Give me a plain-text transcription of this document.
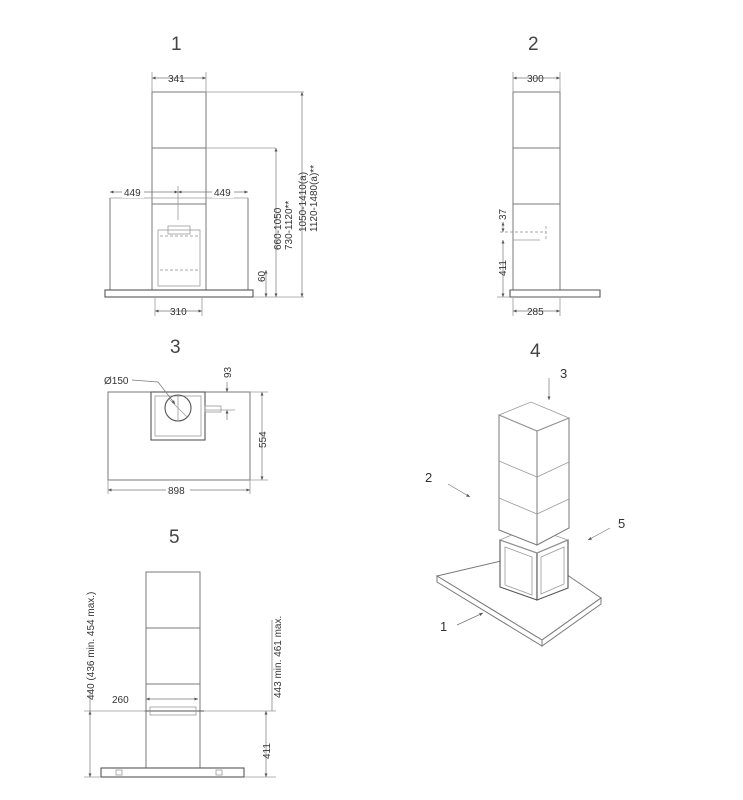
1
341
449	449
310
60
660-1050 730-1120** 1050-1410(a) 1120-1480(a)**
2
300
37
411
285
3
Ø150
93
554
898
4
3
2
5
1
5
260
440 (436 min. 454 max.)
411
443 min. 461 max.
